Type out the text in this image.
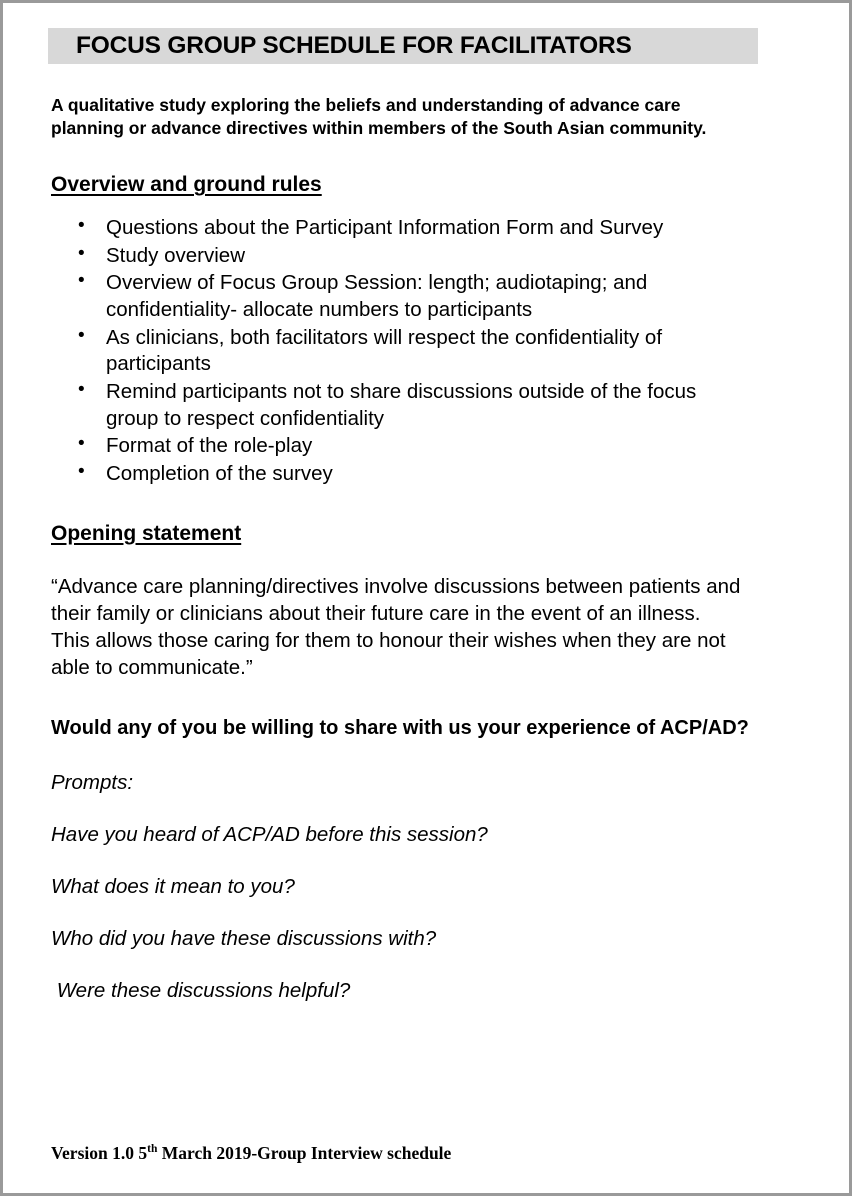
FOCUS GROUP SCHEDULE FOR FACILITATORS
A qualitative study exploring the beliefs and understanding of advance care
planning or advance directives within members of the South Asian community.
Overview and ground rules
• Questions about the Participant Information Form and Survey
• Study overview
• Overview of Focus Group Session: length; audiotaping; and confidentiality- allocate numbers to participants
• As clinicians, both facilitators will respect the confidentiality of participants
• Remind participants not to share discussions outside of the focus group to respect confidentiality
• Format of the role-play
• Completion of the survey
Opening statement
“Advance care planning/directives involve discussions between patients and their family or clinicians about their future care in the event of an illness. This allows those caring for them to honour their wishes when they are not able to communicate.”
Would any of you be willing to share with us your experience of ACP/AD?
Prompts:
Have you heard of ACP/AD before this session?
What does it mean to you?
Who did you have these discussions with?
Were these discussions helpful?
Version 1.0 5th March 2019-Group Interview schedule
